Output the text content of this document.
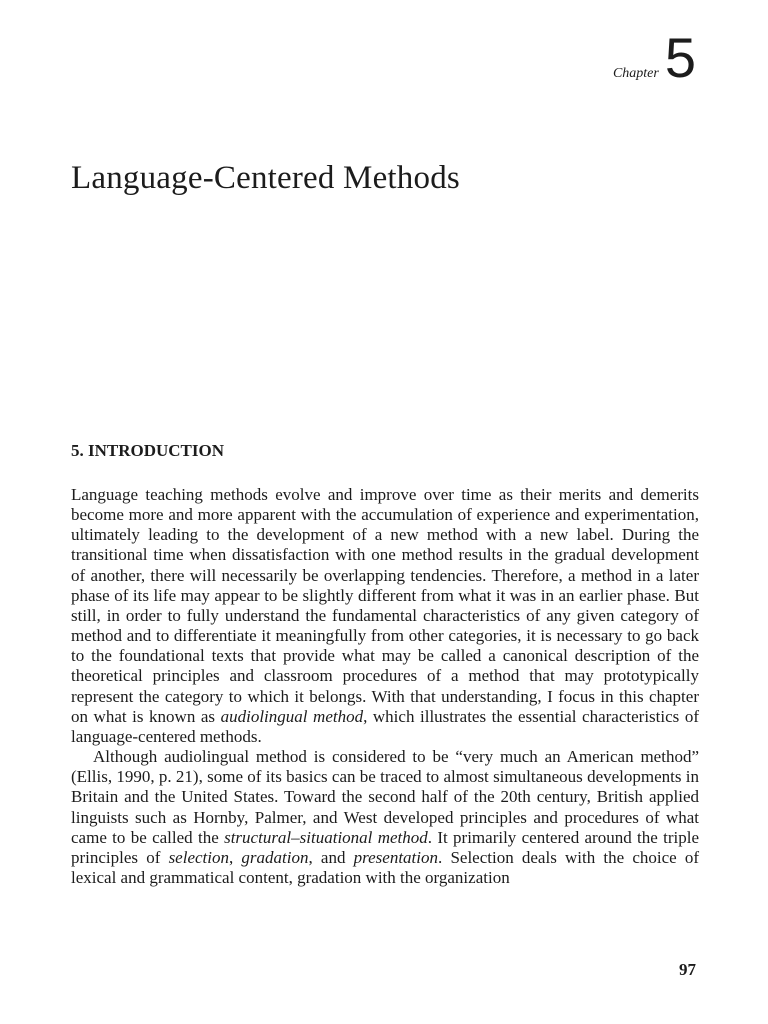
Chapter 5
Language-Centered Methods
5. INTRODUCTION

Language teaching methods evolve and improve over time as their merits and demerits become more and more apparent with the accumulation of experience and experimentation, ultimately leading to the development of a new method with a new label. During the transitional time when dissatisfaction with one method results in the gradual development of another, there will necessarily be overlapping tendencies. Therefore, a method in a later phase of its life may appear to be slightly different from what it was in an earlier phase. But still, in order to fully understand the fundamental characteristics of any given category of method and to differentiate it meaningfully from other categories, it is necessary to go back to the foundational texts that provide what may be called a canonical description of the theoretical principles and classroom procedures of a method that may prototypically represent the category to which it belongs. With that understanding, I focus in this chapter on what is known as audiolingual method, which illustrates the essential characteristics of language-centered methods.

Although audiolingual method is considered to be “very much an American method” (Ellis, 1990, p. 21), some of its basics can be traced to almost simultaneous developments in Britain and the United States. Toward the second half of the 20th century, British applied linguists such as Hornby, Palmer, and West developed principles and procedures of what came to be called the structural–situational method. It primarily centered around the triple principles of selection, gradation, and presentation. Selection deals with the choice of lexical and grammatical content, gradation with the organization

97
